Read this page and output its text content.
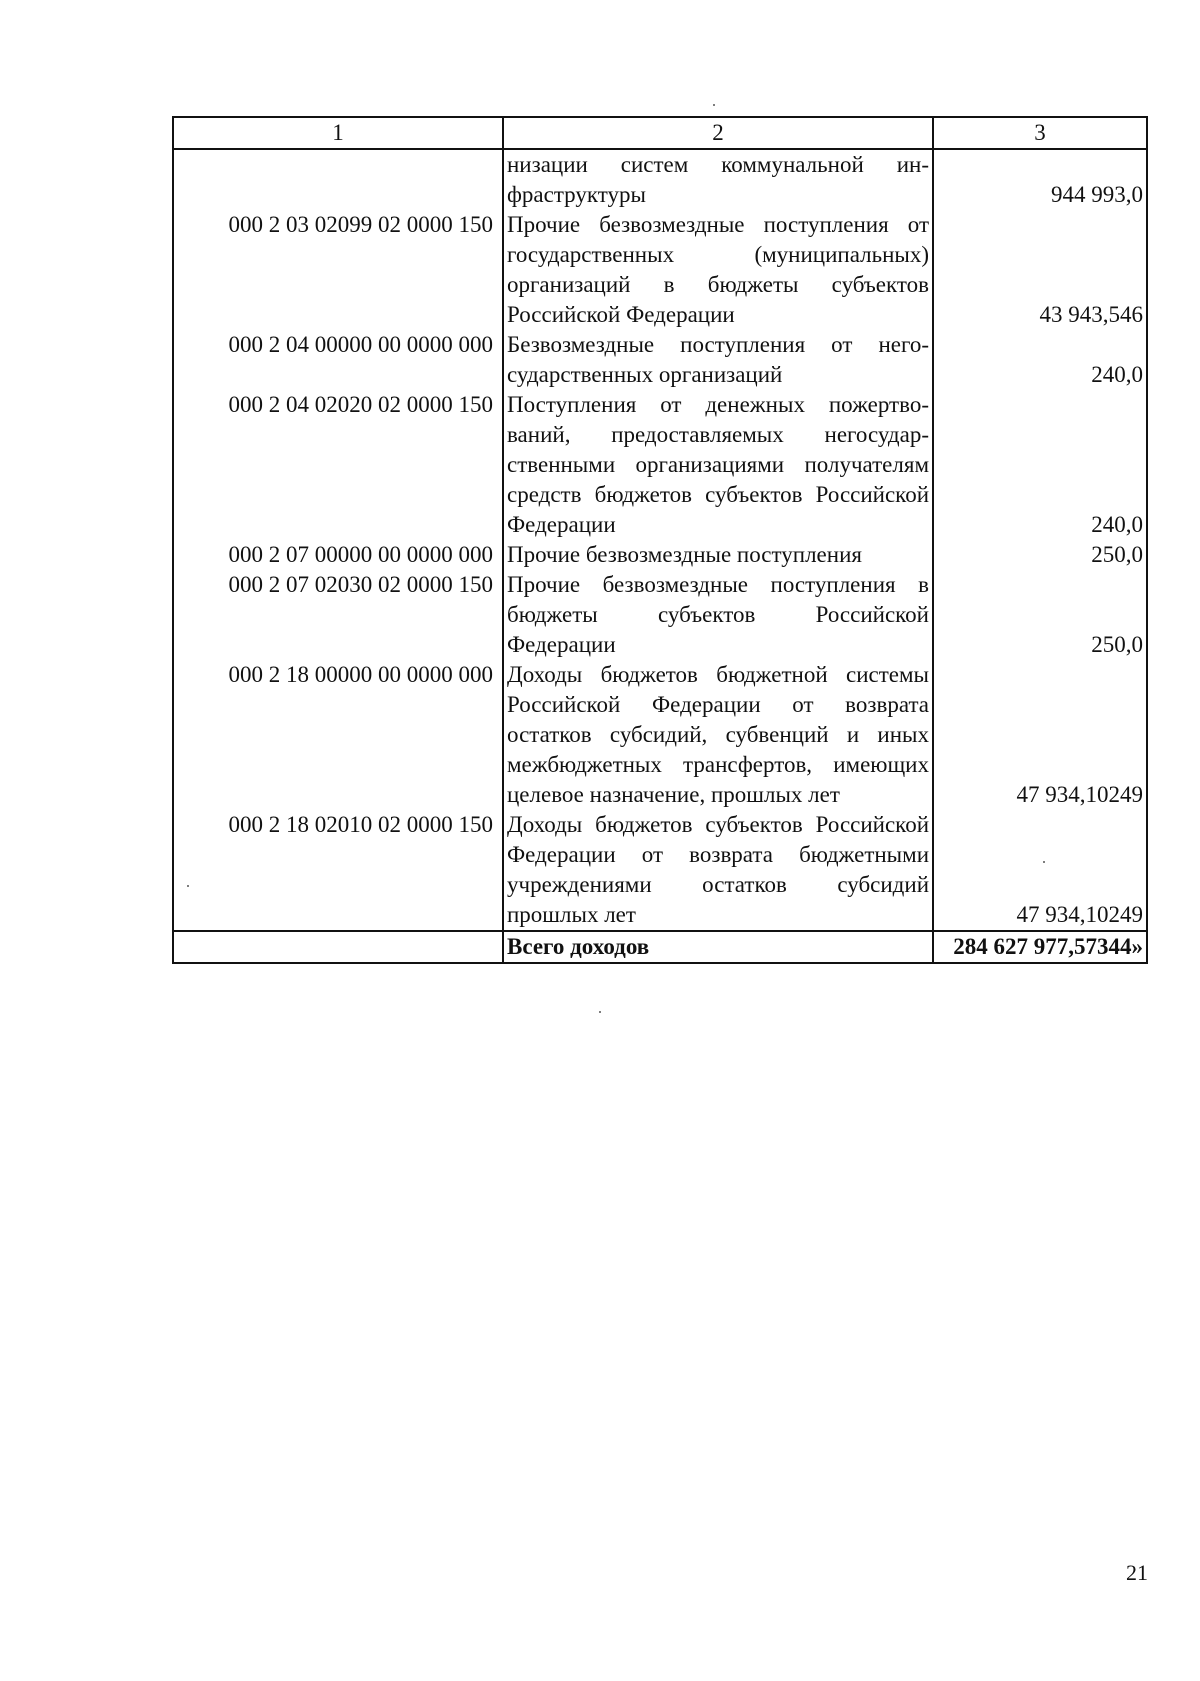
1	2	3
	низации систем коммунальной инфраструктуры	944 993,0
000 2 03 02099 02 0000 150	Прочие безвозмездные поступления от государственных (муниципальных) организаций в бюджеты субъектов Российской Федерации	43 943,546
000 2 04 00000 00 0000 000	Безвозмездные поступления от негосударственных организаций	240,0
000 2 04 02020 02 0000 150	Поступления от денежных пожертвований, предоставляемых негосударственными организациями получателям средств бюджетов субъектов Российской Федерации	240,0
000 2 07 00000 00 0000 000	Прочие безвозмездные поступления	250,0
000 2 07 02030 02 0000 150	Прочие безвозмездные поступления в бюджеты субъектов Российской Федерации	250,0
000 2 18 00000 00 0000 000	Доходы бюджетов бюджетной системы Российской Федерации от возврата остатков субсидий, субвенций и иных межбюджетных трансфертов, имеющих целевое назначение, прошлых лет	47 934,10249
000 2 18 02010 02 0000 150	Доходы бюджетов субъектов Российской Федерации от возврата бюджетными учреждениями остатков субсидий прошлых лет	47 934,10249
	Всего доходов	284 627 977,57344»
21
